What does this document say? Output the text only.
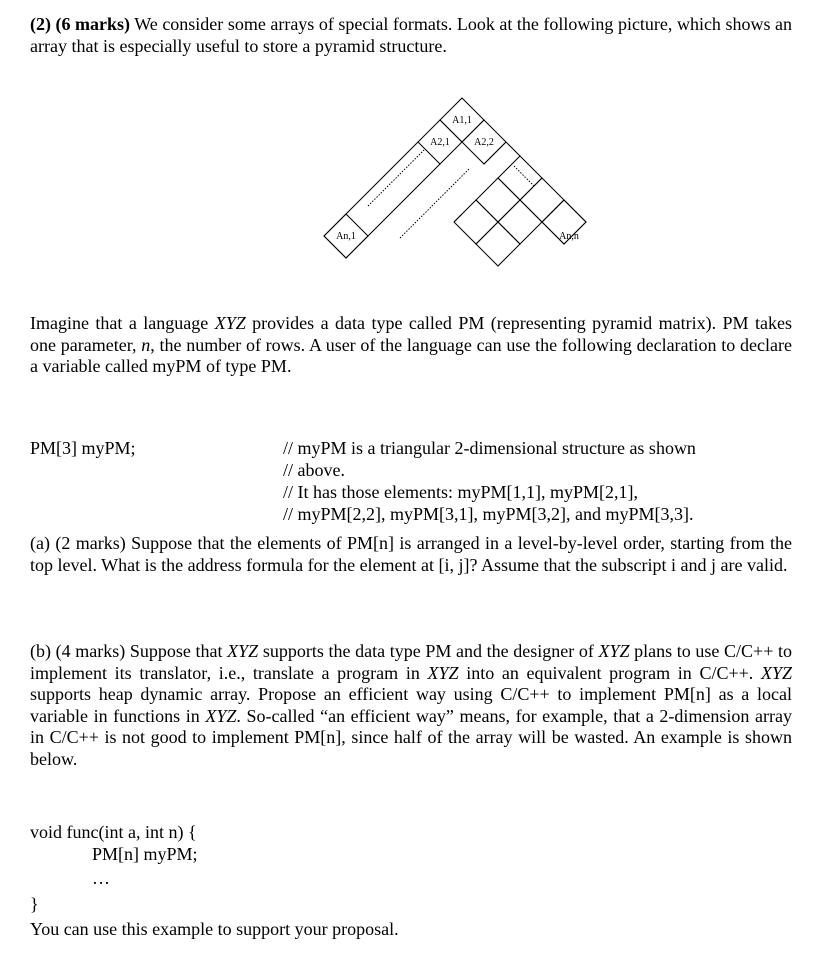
(2) (6 marks) We consider some arrays of special formats. Look at the following picture, which shows an array that is especially useful to store a pyramid structure.

A1,1
A2,1 A2,2
An,1	An,n

Imagine that a language XYZ provides a data type called PM (representing pyramid matrix). PM takes one parameter, n, the number of rows. A user of the language can use the following declaration to declare a variable called myPM of type PM.

PM[3] myPM;	// myPM is a triangular 2-dimensional structure as shown
// above.
// It has those elements: myPM[1,1], myPM[2,1],
// myPM[2,2], myPM[3,1], myPM[3,2], and myPM[3,3].

(a) (2 marks) Suppose that the elements of PM[n] is arranged in a level-by-level order, starting from the top level. What is the address formula for the element at [i, j]? Assume that the subscript i and j are valid.

(b) (4 marks) Suppose that XYZ supports the data type PM and the designer of XYZ plans to use C/C++ to implement its translator, i.e., translate a program in XYZ into an equivalent program in C/C++. XYZ supports heap dynamic array. Propose an efficient way using C/C++ to implement PM[n] as a local variable in functions in XYZ. So-called “an efficient way” means, for example, that a 2-dimension array in C/C++ is not good to implement PM[n], since half of the array will be wasted. An example is shown below.

void func(int a, int n) {
PM[n] myPM;
…
}

You can use this example to support your proposal.
